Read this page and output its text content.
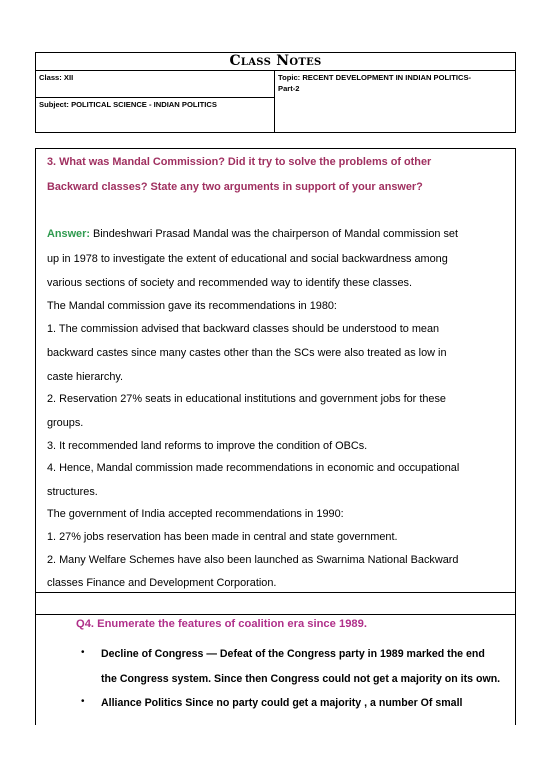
Class Notes
Class: XII	Topic: RECENT DEVELOPMENT IN INDIAN POLITICS-
Part-2
Subject: POLITICAL SCIENCE - INDIAN POLITICS
3. What was Mandal Commission? Did it try to solve the problems of other
Backward classes? State any two arguments in support of your answer?
Answer: Bindeshwari Prasad Mandal was the chairperson of Mandal commission set
up in 1978 to investigate the extent of educational and social backwardness among
various sections of society and recommended way to identify these classes.
The Mandal commission gave its recommendations in 1980:
1. The commission advised that backward classes should be understood to mean
backward castes since many castes other than the SCs were also treated as low in
caste hierarchy.
2. Reservation 27% seats in educational institutions and government jobs for these
groups.
3. It recommended land reforms to improve the condition of OBCs.
4. Hence, Mandal commission made recommendations in economic and occupational
structures.
The government of India accepted recommendations in 1990:
1. 27% jobs reservation has been made in central and state government.
2. Many Welfare Schemes have also been launched as Swarnima National Backward
classes Finance and Development Corporation.
Q4. Enumerate the features of coalition era since 1989.
• Decline of Congress — Defeat of the Congress party in 1989 marked the end
the Congress system. Since then Congress could not get a majority on its own.
• Alliance Politics Since no party could get a majority , a number Of small
